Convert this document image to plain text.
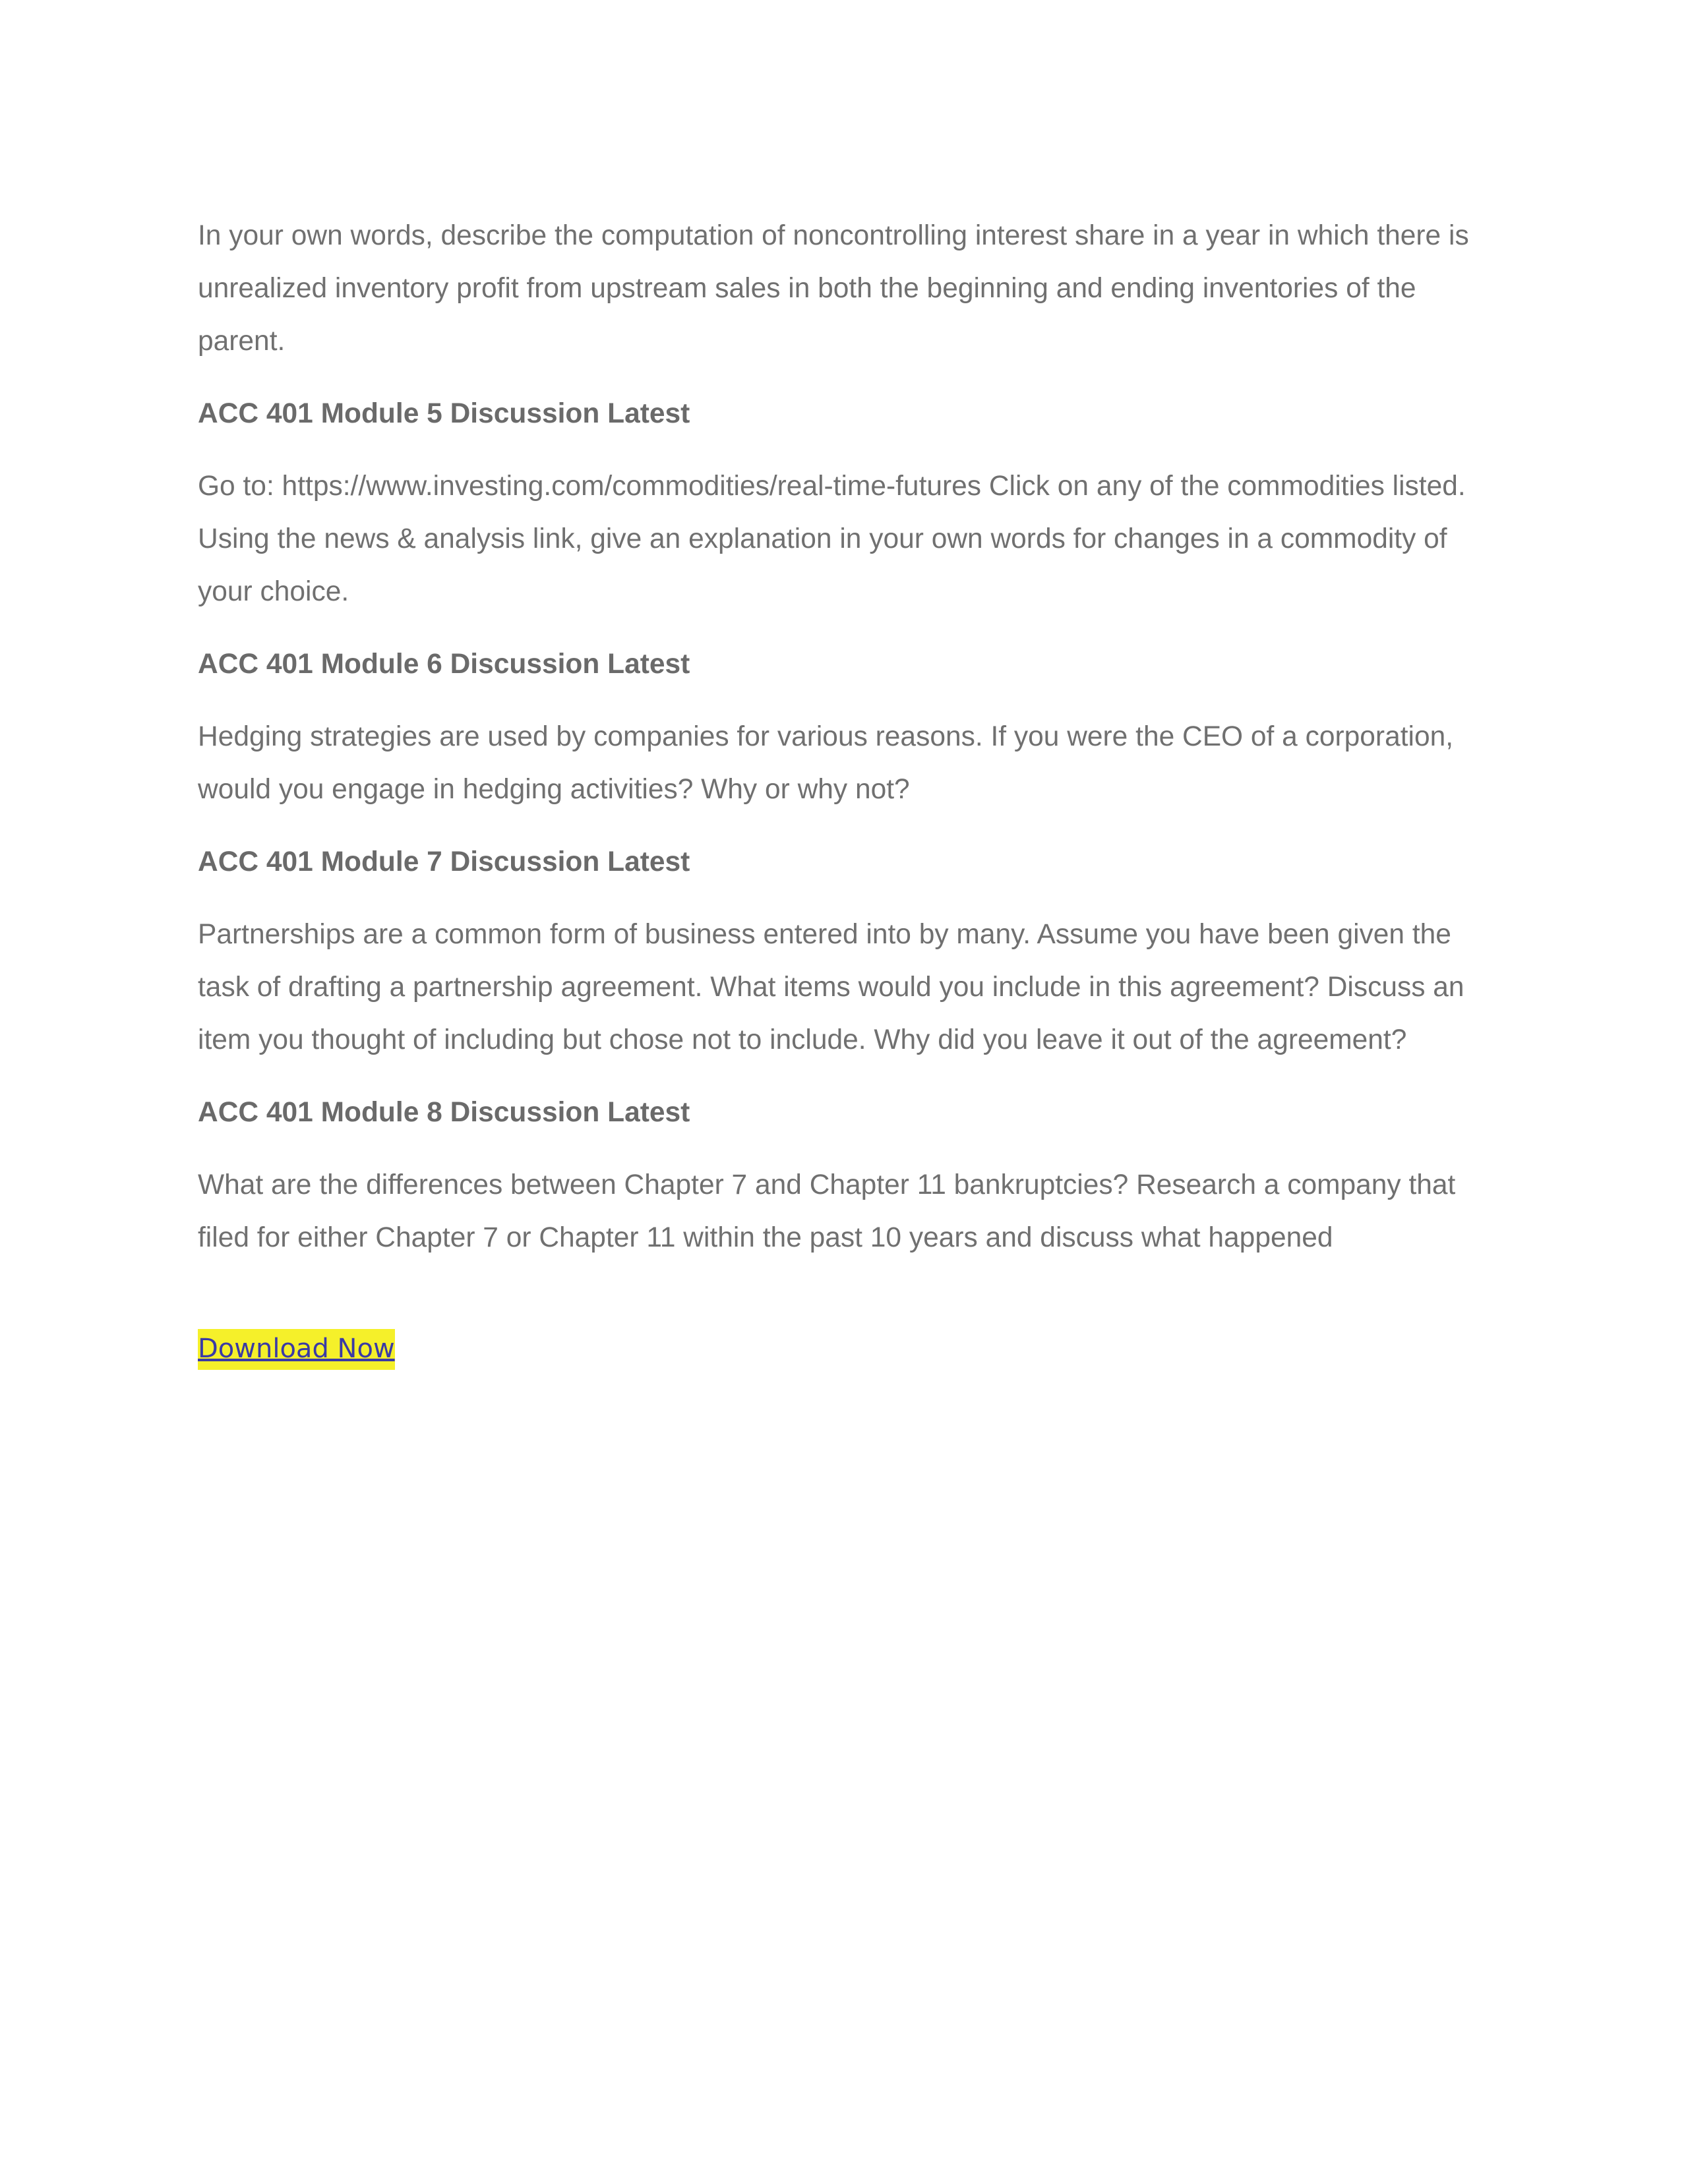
In your own words, describe the computation of noncontrolling interest share in a year in which there is unrealized inventory profit from upstream sales in both the beginning and ending inventories of the parent.

ACC 401 Module 5 Discussion Latest

Go to: https://www.investing.com/commodities/real-time-futures Click on any of the commodities listed. Using the news & analysis link, give an explanation in your own words for changes in a commodity of your choice.

ACC 401 Module 6 Discussion Latest

Hedging strategies are used by companies for various reasons. If you were the CEO of a corporation, would you engage in hedging activities? Why or why not?

ACC 401 Module 7 Discussion Latest

Partnerships are a common form of business entered into by many. Assume you have been given the task of drafting a partnership agreement. What items would you include in this agreement? Discuss an item you thought of including but chose not to include. Why did you leave it out of the agreement?

ACC 401 Module 8 Discussion Latest

What are the differences between Chapter 7 and Chapter 11 bankruptcies? Research a company that filed for either Chapter 7 or Chapter 11 within the past 10 years and discuss what happened

Download Now
